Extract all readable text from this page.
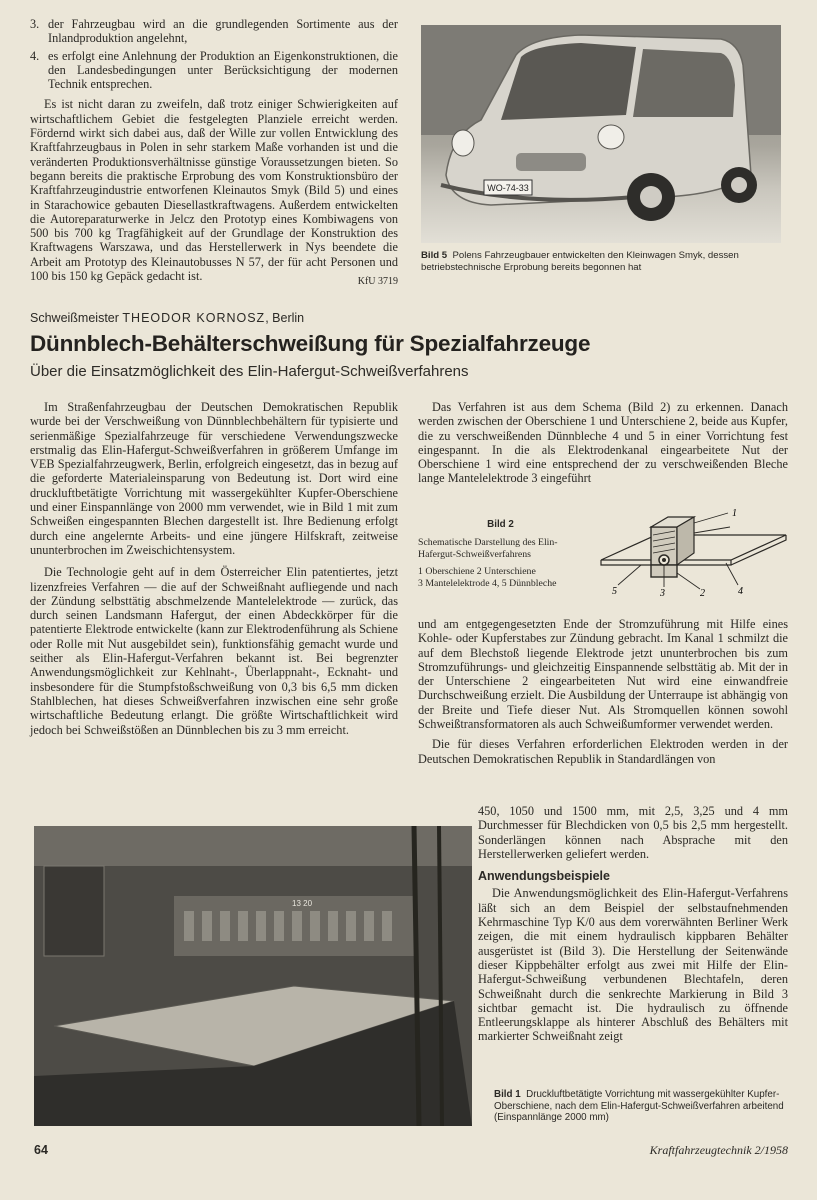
3. der Fahrzeugbau wird an die grundlegenden Sortimente aus der Inlandproduktion angelehnt,
4. es erfolgt eine Anlehnung der Produktion an Eigenkonstruktionen, die den Landesbedingungen unter Berücksichtigung der modernen Technik entsprechen.

Es ist nicht daran zu zweifeln, daß trotz einiger Schwierigkeiten auf wirtschaftlichem Gebiet die festgelegten Planziele erreicht werden. Fördernd wirkt sich dabei aus, daß der Wille zur vollen Entwicklung des Kraftfahrzeugbaus in Polen in sehr starkem Maße vorhanden ist und die veränderten Produktionsverhältnisse günstige Voraussetzungen bieten. So begann bereits die praktische Erprobung des vom Konstruktionsbüro der Kraftfahrzeugindustrie entworfenen Kleinautos Smyk (Bild 5) und eines in Starachowice gebauten Diesellastkraftwagens. Außerdem entwickelten die Autoreparaturwerke in Jelcz den Prototyp eines Kombiwagens von 500 bis 700 kg Tragfähigkeit auf der Grundlage der Konstruktion des Kraftwagens Warszawa, und das Herstellerwerk in Nys beendete die Arbeit am Prototyp des Kleinautobusses N 57, der für acht Personen und 100 bis 150 kg Gepäck gedacht ist.	KfU 3719
WO-74-33
Bild 5 Polens Fahrzeugbauer entwickelten den Kleinwagen Smyk, dessen betriebstechnische Erprobung bereits begonnen hat
Schweißmeister THEODOR KORNOSZ, Berlin
Dünnblech-Behälterschweißung für Spezialfahrzeuge
Über die Einsatzmöglichkeit des Elin-Hafergut-Schweißverfahrens

Im Straßenfahrzeugbau der Deutschen Demokratischen Republik wurde bei der Verschweißung von Dünnblechbehältern für typisierte und serienmäßige Spezialfahrzeuge für verschiedene Verwendungszwecke erstmalig das Elin-Hafergut-Schweißverfahren in größerem Umfange im VEB Spezialfahrzeugwerk, Berlin, erfolgreich eingesetzt, das in bezug auf die geforderte Materialeinsparung von Bedeutung ist. Dort wird eine druckluftbetätigte Vorrichtung mit wassergekühlter Kupfer-Oberschiene und einer Einspannlänge von 2000 mm verwendet, wie in Bild 1 mit zum Schweißen eingespannten Blechen dargestellt ist. Ihre Bedienung erfolgt durch eine angelernte Arbeits- und eine jüngere Hilfskraft, zeitweise ununterbrochen im Zweischichtensystem.

Die Technologie geht auf in dem Österreicher Elin patentiertes, jetzt lizenzfreies Verfahren — die auf der Schweißnaht aufliegende und nach der Zündung selbsttätig abschmelzende Mantelelektrode — zurück, das durch seinen Landsmann Hafergut, der einen Abdeckkörper für die patentierte Elektrode entwickelte (kann zur Elektrodenführung als Schiene oder Rolle mit Nut ausgebildet sein), funktionsfähig gemacht wurde und seither als Elin-Hafergut-Verfahren bekannt ist. Bei begrenzter Anwendungsmöglichkeit zur Kehlnaht-, Überlappnaht-, Ecknaht- und insbesondere für die Stumpfstoßschweißung von 0,3 bis 6,5 mm dicken Stahlblechen, hat dieses Schweißverfahren inzwischen eine sehr große wirtschaftliche Bedeutung erlangt. Die größte Wirtschaftlichkeit wird jedoch bei Schweißstößen an Dünnblechen bis zu 3 mm erreicht.

Das Verfahren ist aus dem Schema (Bild 2) zu erkennen. Danach werden zwischen der Oberschiene 1 und Unterschiene 2, beide aus Kupfer, die zu verschweißenden Dünnbleche 4 und 5 in einer Vorrichtung fest eingespannt. In die als Elektrodenkanal eingearbeitete Nut der Oberschiene 1 wird eine entsprechend der zu verschweißenden Bleche lange Mantelelektrode 3 eingeführt

Bild 2
Schematische Darstellung des Elin-Hafergut-Schweißverfahrens
1 Oberschiene 2 Unterschiene
3 Mantelelektrode 4, 5 Dünnbleche
1
2
3	4
5

und am entgegengesetzten Ende der Stromzuführung mit Hilfe eines Kohle- oder Kupferstabes zur Zündung gebracht. Im Kanal 1 schmilzt die auf dem Blechstoß liegende Elektrode jetzt ununterbrochen bis zum Stromzuführungs- und gleichzeitig Einspannende selbsttätig ab. Mit der in der Unterschiene 2 eingearbeiteten Nut wird eine einwandfreie Durchschweißung erzielt. Die Ausbildung der Unterraupe ist abhängig von der Breite und Tiefe dieser Nut. Als Stromquellen können sowohl Schweißtransformatoren als auch Schweißumformer verwendet werden.

Die für dieses Verfahren erforderlichen Elektroden werden in der Deutschen Demokratischen Republik in Standardlängen von

450, 1050 und 1500 mm, mit 2,5, 3,25 und 4 mm Durchmesser für Blechdicken von 0,5 bis 2,5 mm hergestellt. Sonderlängen können nach Absprache mit den Herstellerwerken geliefert werden.

Anwendungsbeispiele

Die Anwendungsmöglichkeit des Elin-Hafergut-Verfahrens läßt sich an dem Beispiel der selbstaufnehmenden Kehrmaschine Typ K/0 aus dem vorerwähnten Berliner Werk zeigen, die mit einem hydraulisch kippbaren Behälter ausgerüstet ist (Bild 3). Die Herstellung der Seitenwände dieser Kippbehälter erfolgt aus zwei mit Hilfe der Elin-Hafergut-Schweißung verbundenen Blechtafeln, deren Schweißnaht durch die senkrechte Markierung in Bild 3 sichtbar gemacht ist. Die hydraulisch zu öffnende Entleerungsklappe als hinterer Abschluß des Behälters mit markierter Schweißnaht zeigt

13 20
Bild 1 Druckluftbetätigte Vorrichtung mit wassergekühlter Kupfer-Oberschiene, nach dem Elin-Hafergut-Schweißverfahren arbeitend (Einspannlänge 2000 mm)
64	Kraftfahrzeugtechnik 2/1958
